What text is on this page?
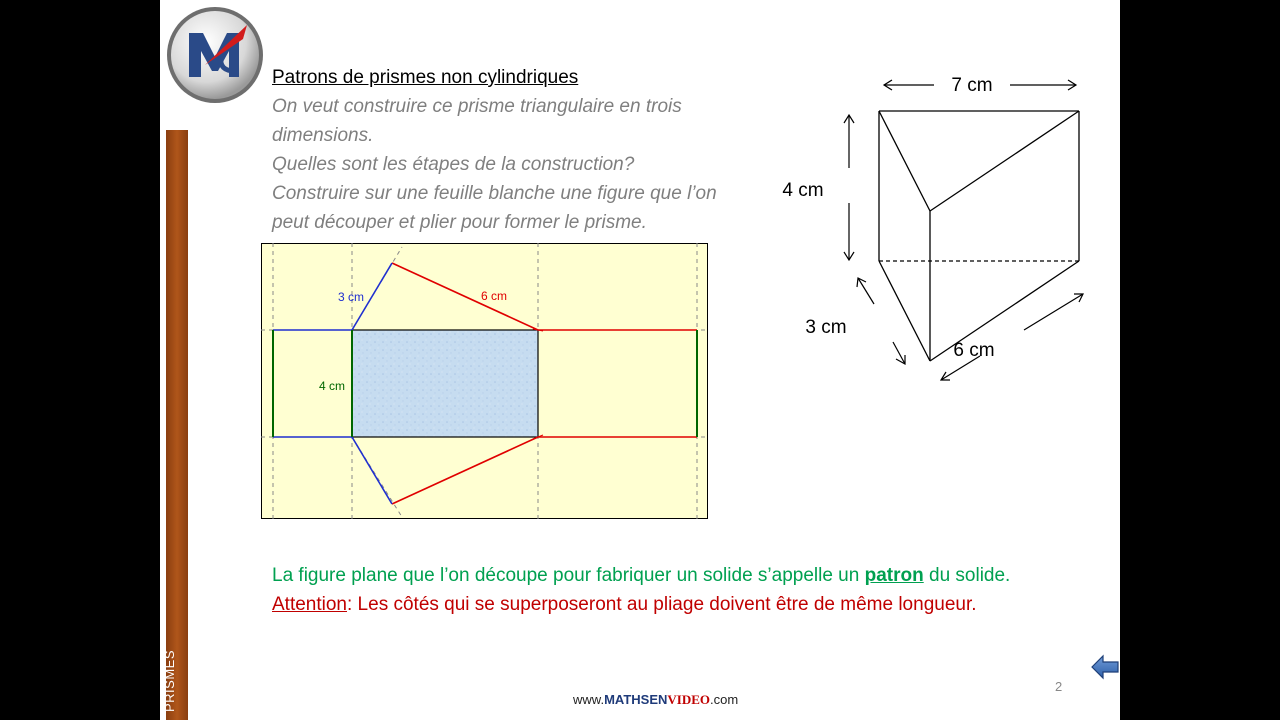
PRISMES
Patrons de prismes non cylindriques
On veut construire ce prisme triangulaire en trois
dimensions.
Quelles sont les étapes de la construction?
Construire sur une feuille blanche une figure que l’on
peut découper et plier pour former le prisme.
3 cm	6 cm
4 cm
7 cm
4 cm
3 cm
6 cm
La figure plane que l’on découpe pour fabriquer un solide s’appelle un patron du solide.
Attention: Les côtés qui se superposeront au pliage doivent être de même longueur.
2
www.MATHSENVIDEO.com
